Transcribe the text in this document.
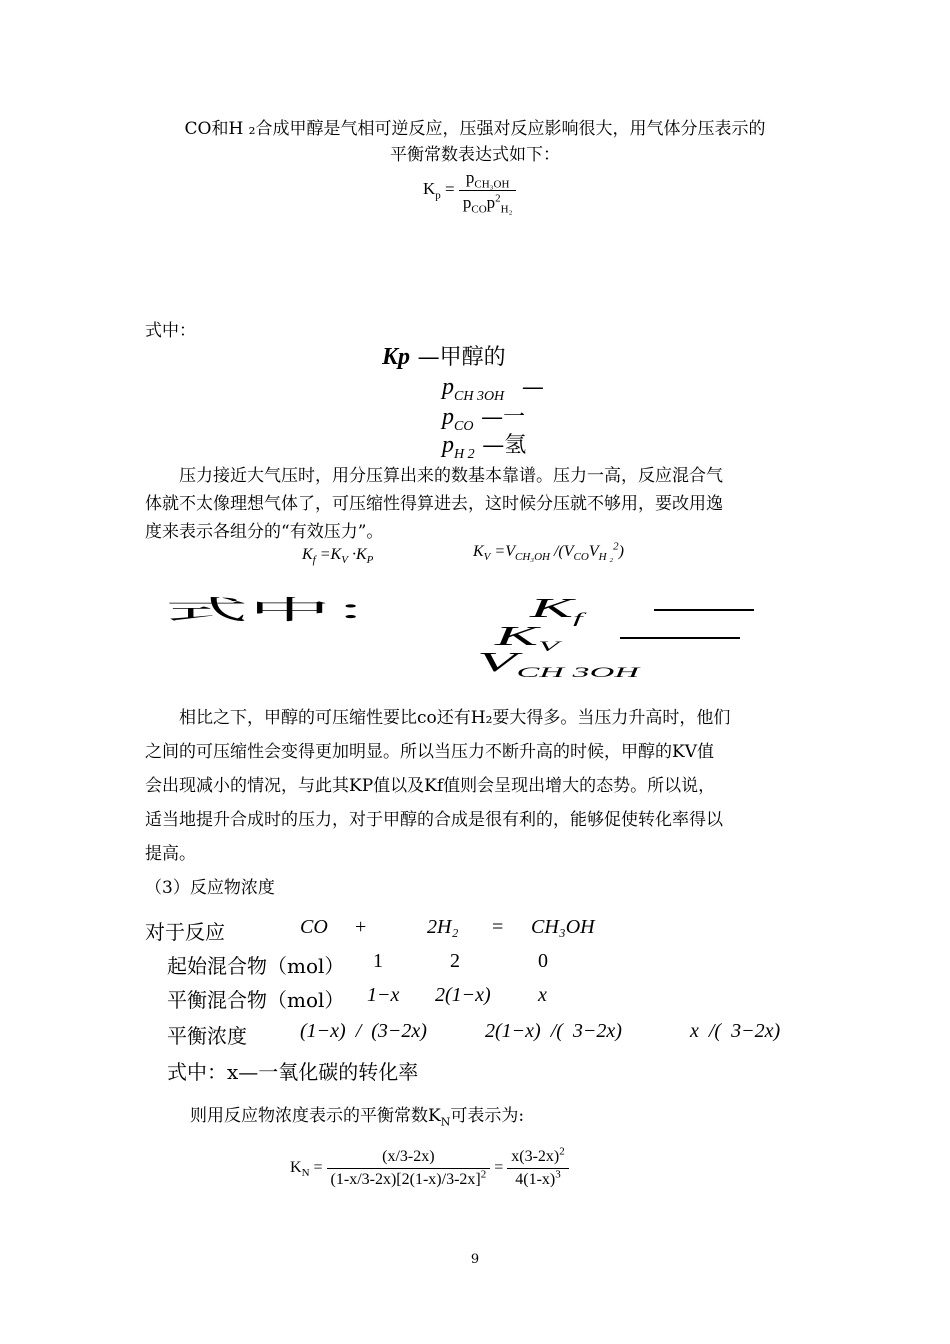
CO和H ₂合成甲醇是气相可逆反应，压强对反应影响很大，用气体分压表示的
平衡常数表达式如下：
$K_p = \frac{p_{CH_3OH}}{p_{CO}p^2_{H_2}}$
式中：
Kp —甲醇的
$p_{CH 3OH}$ —
$p_{CO}$ —一
$p_{H 2}$ —氢
压力接近大气压时，用分压算出来的数基本靠谱。压力一高，反应混合气
体就不太像理想气体了，可压缩性得算进去，这时候分压就不够用，要改用逸
度来表示各组分的“有效压力”。
$K_f =K_V \cdot K_P$
$K_V =V_{CH_3OH}$ $/(V_{CO}V_{H _2}^2)$
式中：	$K_f$
$K_V$
$V_{CH 3OH}$
相比之下，甲醇的可压缩性要比co还有H₂要大得多。当压力升高时，他们
之间的可压缩性会变得更加明显。所以当压力不断升高的时候，甲醇的KV值
会出现减小的情况，与此其KP值以及Kf值则会呈现出增大的态势。所以说，
适当地提升合成时的压力，对于甲醇的合成是很有利的，能够促使转化率得以
提高。
（3）反应物浓度
对于反应	CO +	2H₂ = CH₃OH
起始混合物（mol） 1	2	0
平衡混合物（mol） 1−x 2(1−x) x
平衡浓度	(1−x)  /  (3−2x)	2(1−x)  /(  3−2x)	x  /(  3−2x)
式中：x—一氧化碳的转化率
则用反应物浓度表示的平衡常数$K_N$可表示为:
$K_N = \frac{(x/3-2x)}{(1-x/3-2x)[2(1-x)/3-2x]^2} = \frac{x(3-2x)^2}{4(1-x)^3}$
9
